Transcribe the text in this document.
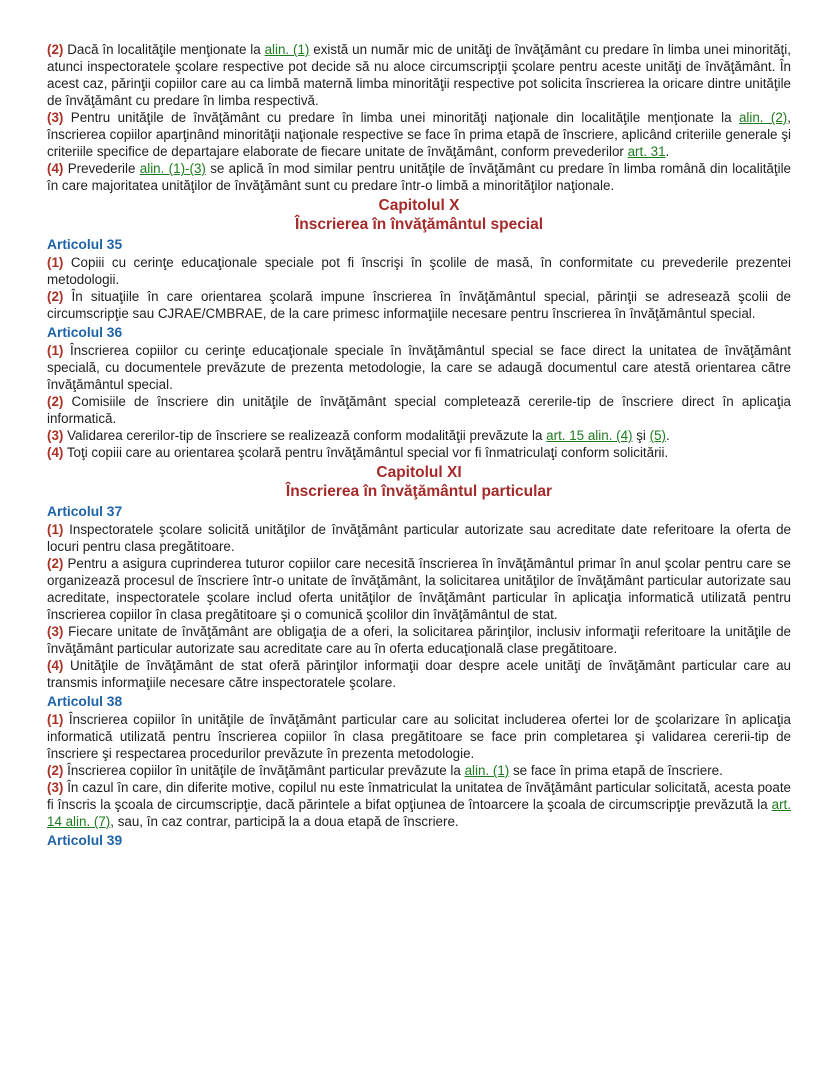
(2) Dacă în localităţile menţionate la alin. (1) există un număr mic de unităţi de învăţământ cu predare în limba unei minorităţi, atunci inspectoratele şcolare respective pot decide să nu aloce circumscripţii şcolare pentru aceste unităţi de învăţământ. În acest caz, părinţii copiilor care au ca limbă maternă limba minorităţii respective pot solicita înscrierea la oricare dintre unităţile de învăţământ cu predare în limba respectivă.

(3) Pentru unităţile de învăţământ cu predare în limba unei minorităţi naţionale din localităţile menţionate la alin. (2), înscrierea copiilor aparţinând minorităţii naţionale respective se face în prima etapă de înscriere, aplicând criteriile generale şi criteriile specifice de departajare elaborate de fiecare unitate de învăţământ, conform prevederilor art. 31.

(4) Prevederile alin. (1)-(3) se aplică în mod similar pentru unităţile de învăţământ cu predare în limba română din localităţile în care majoritatea unităţilor de învăţământ sunt cu predare într-o limbă a minorităţilor naţionale.

Capitolul X
Înscrierea în învăţământul special
Articolul 35

(1) Copiii cu cerinţe educaţionale speciale pot fi înscrişi în şcolile de masă, în conformitate cu prevederile prezentei metodologii.

(2) În situaţiile în care orientarea şcolară impune înscrierea în învăţământul special, părinţii se adresează şcolii de circumscripţie sau CJRAE/CMBRAE, de la care primesc informaţiile necesare pentru înscrierea în învăţământul special.

Articolul 36

(1) Înscrierea copiilor cu cerinţe educaţionale speciale în învăţământul special se face direct la unitatea de învăţământ specială, cu documentele prevăzute de prezenta metodologie, la care se adaugă documentul care atestă orientarea către învăţământul special.

(2) Comisiile de înscriere din unităţile de învăţământ special completează cererile-tip de înscriere direct în aplicaţia informatică.

(3) Validarea cererilor-tip de înscriere se realizează conform modalităţii prevăzute la art. 15 alin. (4) şi (5).

(4) Toţi copiii care au orientarea şcolară pentru învăţământul special vor fi înmatriculaţi conform solicitării.

Capitolul XI
Înscrierea în învăţământul particular
Articolul 37

(1) Inspectoratele şcolare solicită unităţilor de învăţământ particular autorizate sau acreditate date referitoare la oferta de locuri pentru clasa pregătitoare.

(2) Pentru a asigura cuprinderea tuturor copiilor care necesită înscrierea în învăţământul primar în anul şcolar pentru care se organizează procesul de înscriere într-o unitate de învăţământ, la solicitarea unităţilor de învăţământ particular autorizate sau acreditate, inspectoratele şcolare includ oferta unităţilor de învăţământ particular în aplicaţia informatică utilizată pentru înscrierea copiilor în clasa pregătitoare şi o comunică şcolilor din învăţământul de stat.

(3) Fiecare unitate de învăţământ are obligaţia de a oferi, la solicitarea părinţilor, inclusiv informaţii referitoare la unităţile de învăţământ particular autorizate sau acreditate care au în oferta educaţională clase pregătitoare.

(4) Unităţile de învăţământ de stat oferă părinţilor informaţii doar despre acele unităţi de învăţământ particular care au transmis informaţiile necesare către inspectoratele şcolare.

Articolul 38

(1) Înscrierea copiilor în unităţile de învăţământ particular care au solicitat includerea ofertei lor de şcolarizare în aplicaţia informatică utilizată pentru înscrierea copiilor în clasa pregătitoare se face prin completarea şi validarea cererii-tip de înscriere şi respectarea procedurilor prevăzute în prezenta metodologie.

(2) Înscrierea copiilor în unităţile de învăţământ particular prevăzute la alin. (1) se face în prima etapă de înscriere.

(3) În cazul în care, din diferite motive, copilul nu este înmatriculat la unitatea de învăţământ particular solicitată, acesta poate fi înscris la şcoala de circumscripţie, dacă părintele a bifat opţiunea de întoarcere la şcoala de circumscripţie prevăzută la art. 14 alin. (7), sau, în caz contrar, participă la a doua etapă de înscriere.

Articolul 39
